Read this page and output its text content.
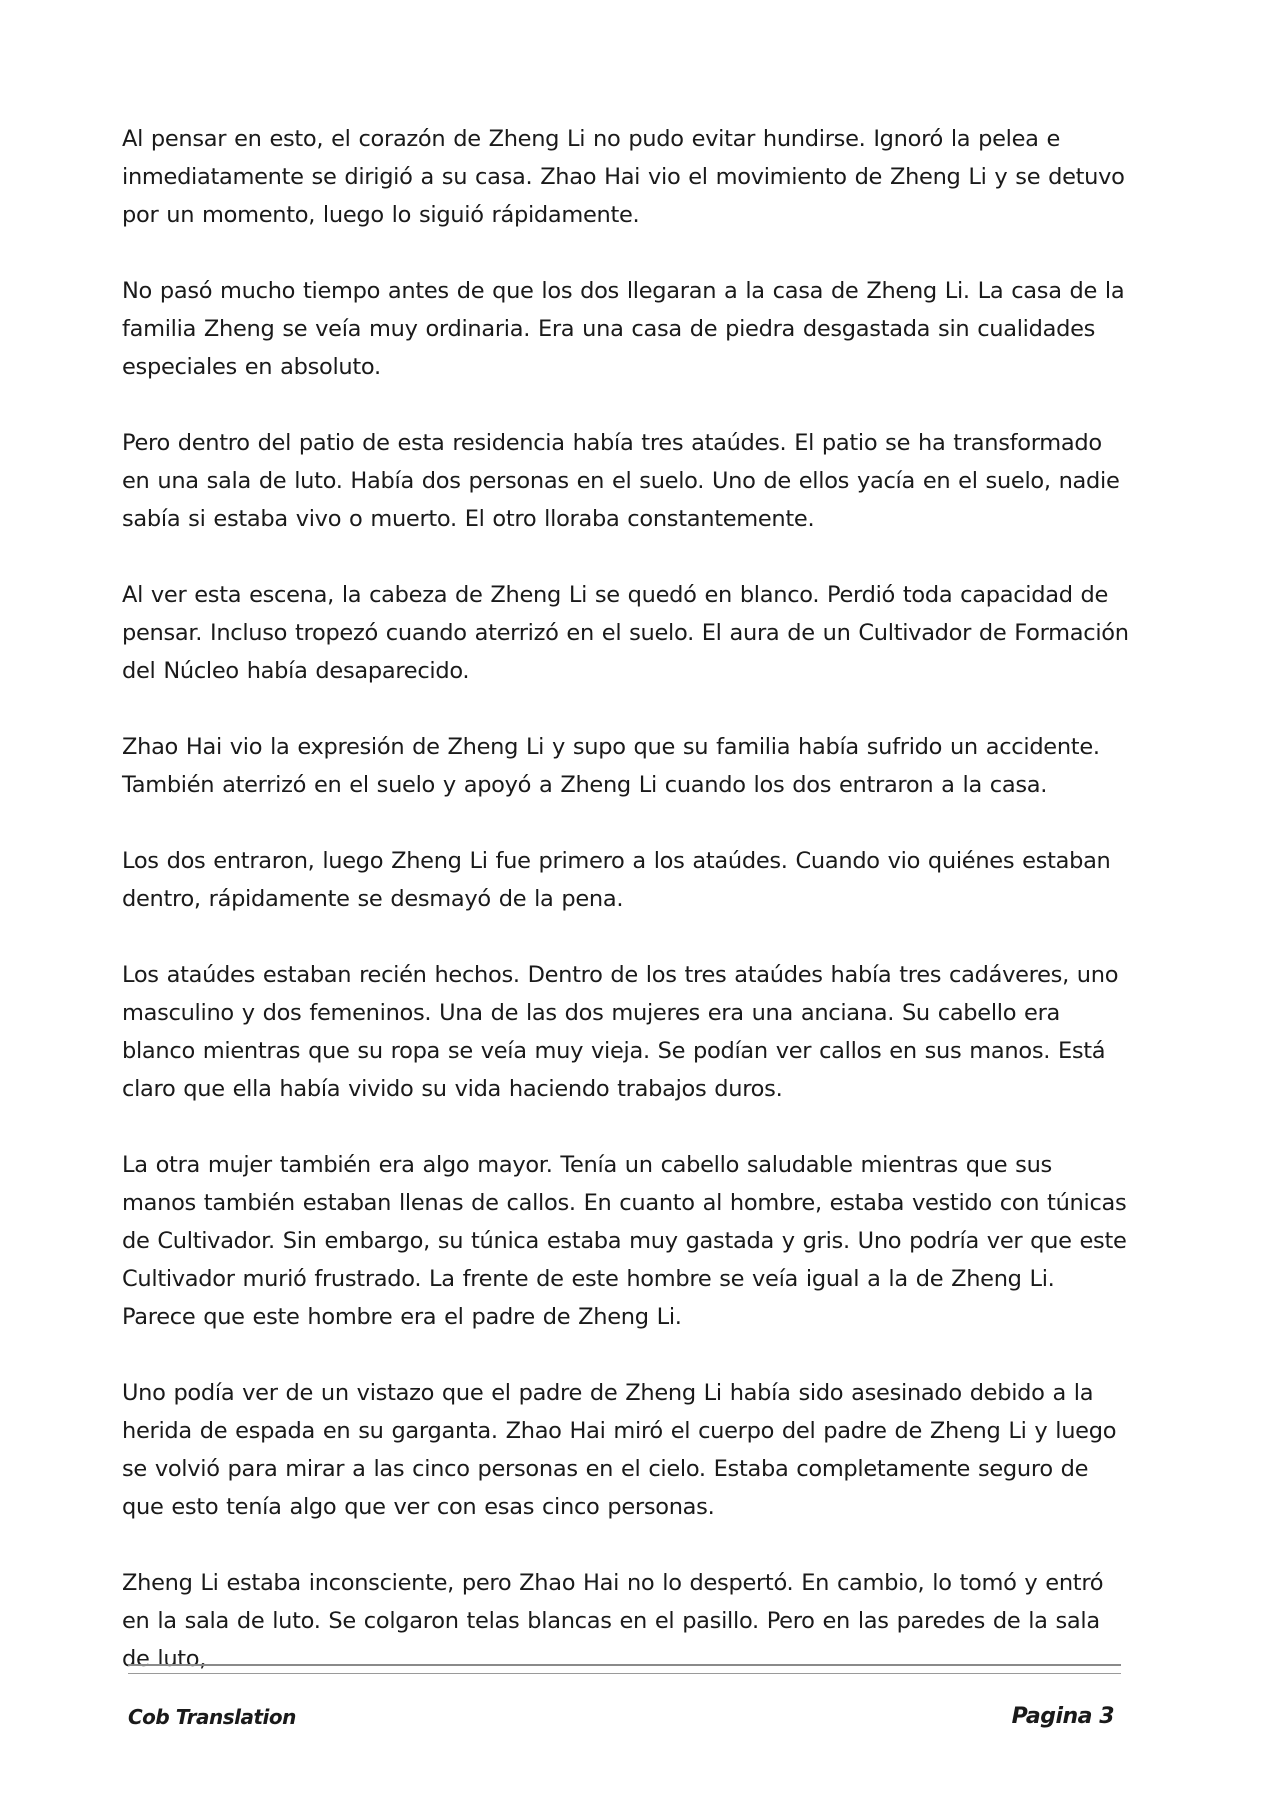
Al pensar en esto, el corazón de Zheng Li no pudo evitar hundirse. Ignoró la pelea e inmediatamente se dirigió a su casa. Zhao Hai vio el movimiento de Zheng Li y se detuvo por un momento, luego lo siguió rápidamente.

No pasó mucho tiempo antes de que los dos llegaran a la casa de Zheng Li. La casa de la familia Zheng se veía muy ordinaria. Era una casa de piedra desgastada sin cualidades especiales en absoluto.

Pero dentro del patio de esta residencia había tres ataúdes. El patio se ha transformado en una sala de luto. Había dos personas en el suelo. Uno de ellos yacía en el suelo, nadie sabía si estaba vivo o muerto. El otro lloraba constantemente.

Al ver esta escena, la cabeza de Zheng Li se quedó en blanco. Perdió toda capacidad de pensar. Incluso tropezó cuando aterrizó en el suelo. El aura de un Cultivador de Formación del Núcleo había desaparecido.

Zhao Hai vio la expresión de Zheng Li y supo que su familia había sufrido un accidente. También aterrizó en el suelo y apoyó a Zheng Li cuando los dos entraron a la casa.

Los dos entraron, luego Zheng Li fue primero a los ataúdes. Cuando vio quiénes estaban dentro, rápidamente se desmayó de la pena.

Los ataúdes estaban recién hechos. Dentro de los tres ataúdes había tres cadáveres, uno masculino y dos femeninos. Una de las dos mujeres era una anciana. Su cabello era blanco mientras que su ropa se veía muy vieja. Se podían ver callos en sus manos. Está claro que ella había vivido su vida haciendo trabajos duros.

La otra mujer también era algo mayor. Tenía un cabello saludable mientras que sus manos también estaban llenas de callos. En cuanto al hombre, estaba vestido con túnicas de Cultivador. Sin embargo, su túnica estaba muy gastada y gris. Uno podría ver que este Cultivador murió frustrado. La frente de este hombre se veía igual a la de Zheng Li. Parece que este hombre era el padre de Zheng Li.

Uno podía ver de un vistazo que el padre de Zheng Li había sido asesinado debido a la herida de espada en su garganta. Zhao Hai miró el cuerpo del padre de Zheng Li y luego se volvió para mirar a las cinco personas en el cielo. Estaba completamente seguro de que esto tenía algo que ver con esas cinco personas.

Zheng Li estaba inconsciente, pero Zhao Hai no lo despertó. En cambio, lo tomó y entró en la sala de luto. Se colgaron telas blancas en el pasillo. Pero en las paredes de la sala de luto,

Cob Translation	Pagina 3
